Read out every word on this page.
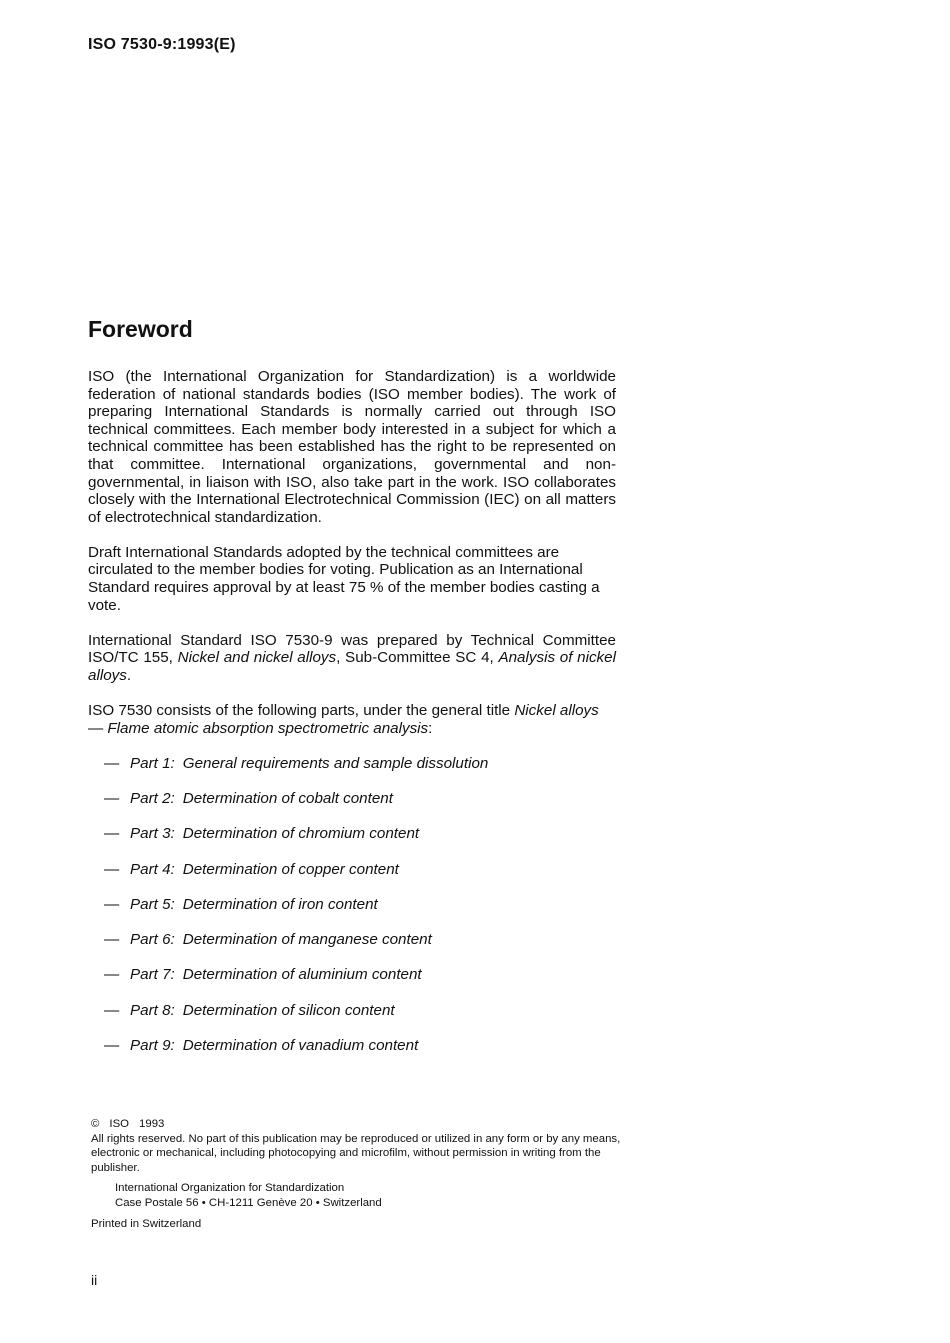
ISO 7530-9:1993(E)
Foreword

ISO (the International Organization for Standardization) is a worldwide federation of national standards bodies (ISO member bodies). The work of preparing International Standards is normally carried out through ISO technical committees. Each member body interested in a subject for which a technical committee has been established has the right to be represented on that committee. International organizations, governmental and non-governmental, in liaison with ISO, also take part in the work. ISO collaborates closely with the International Electrotechnical Commission (IEC) on all matters of electrotechnical standardization.

Draft International Standards adopted by the technical committees are circulated to the member bodies for voting. Publication as an International Standard requires approval by at least 75 % of the member bodies casting a vote.

International Standard ISO 7530-9 was prepared by Technical Committee ISO/TC 155, Nickel and nickel alloys, Sub-Committee SC 4, Analysis of nickel alloys.

ISO 7530 consists of the following parts, under the general title Nickel alloys — Flame atomic absorption spectrometric analysis:

— Part 1: General requirements and sample dissolution
— Part 2: Determination of cobalt content
— Part 3: Determination of chromium content
— Part 4: Determination of copper content
— Part 5: Determination of iron content
— Part 6: Determination of manganese content
— Part 7: Determination of aluminium content
— Part 8: Determination of silicon content
— Part 9: Determination of vanadium content
© ISO 1993
All rights reserved. No part of this publication may be reproduced or utilized in any form or by any means, electronic or mechanical, including photocopying and microfilm, without permission in writing from the publisher.
International Organization for Standardization
Case Postale 56 • CH-1211 Genève 20 • Switzerland
Printed in Switzerland
ii
